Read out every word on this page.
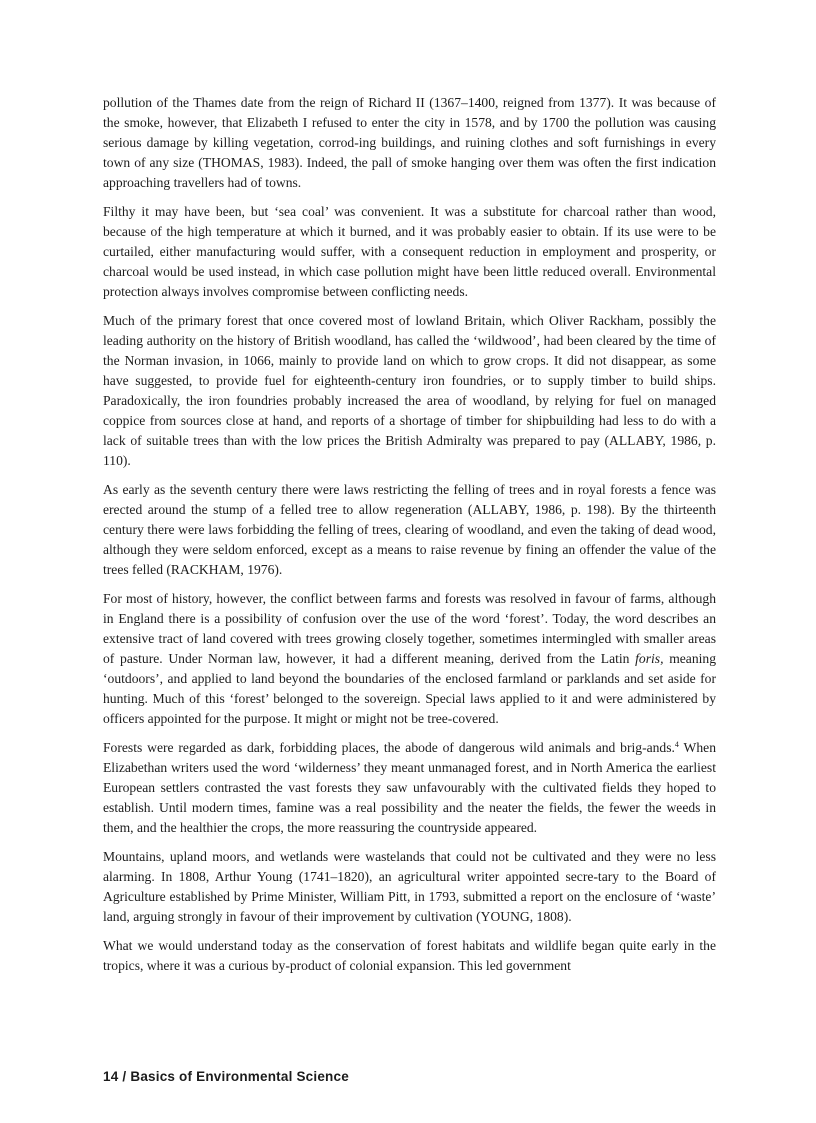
pollution of the Thames date from the reign of Richard II (1367–1400, reigned from 1377). It was because of the smoke, however, that Elizabeth I refused to enter the city in 1578, and by 1700 the pollution was causing serious damage by killing vegetation, corrod-ing buildings, and ruining clothes and soft furnishings in every town of any size (THOMAS, 1983). Indeed, the pall of smoke hanging over them was often the first indication approaching travellers had of towns.

Filthy it may have been, but ‘sea coal’ was convenient. It was a substitute for charcoal rather than wood, because of the high temperature at which it burned, and it was probably easier to obtain. If its use were to be curtailed, either manufacturing would suffer, with a consequent reduction in employment and prosperity, or charcoal would be used instead, in which case pollution might have been little reduced overall. Environmental protection always involves compromise between conflicting needs.

Much of the primary forest that once covered most of lowland Britain, which Oliver Rackham, possibly the leading authority on the history of British woodland, has called the ‘wildwood’, had been cleared by the time of the Norman invasion, in 1066, mainly to provide land on which to grow crops. It did not disappear, as some have suggested, to provide fuel for eighteenth-century iron foundries, or to supply timber to build ships. Paradoxically, the iron foundries probably increased the area of woodland, by relying for fuel on managed coppice from sources close at hand, and reports of a shortage of timber for shipbuilding had less to do with a lack of suitable trees than with the low prices the British Admiralty was prepared to pay (ALLABY, 1986, p. 110).

As early as the seventh century there were laws restricting the felling of trees and in royal forests a fence was erected around the stump of a felled tree to allow regeneration (ALLABY, 1986, p. 198). By the thirteenth century there were laws forbidding the felling of trees, clearing of woodland, and even the taking of dead wood, although they were seldom enforced, except as a means to raise revenue by fining an offender the value of the trees felled (RACKHAM, 1976).

For most of history, however, the conflict between farms and forests was resolved in favour of farms, although in England there is a possibility of confusion over the use of the word ‘forest’. Today, the word describes an extensive tract of land covered with trees growing closely together, sometimes intermingled with smaller areas of pasture. Under Norman law, however, it had a different meaning, derived from the Latin foris, meaning ‘outdoors’, and applied to land beyond the boundaries of the enclosed farmland or parklands and set aside for hunting. Much of this ‘forest’ belonged to the sovereign. Special laws applied to it and were administered by officers appointed for the purpose. It might or might not be tree-covered.

Forests were regarded as dark, forbidding places, the abode of dangerous wild animals and brig-ands.$^4$ When Elizabethan writers used the word ‘wilderness’ they meant unmanaged forest, and in North America the earliest European settlers contrasted the vast forests they saw unfavourably with the cultivated fields they hoped to establish. Until modern times, famine was a real possibility and the neater the fields, the fewer the weeds in them, and the healthier the crops, the more reassuring the countryside appeared.

Mountains, upland moors, and wetlands were wastelands that could not be cultivated and they were no less alarming. In 1808, Arthur Young (1741–1820), an agricultural writer appointed secre-tary to the Board of Agriculture established by Prime Minister, William Pitt, in 1793, submitted a report on the enclosure of ‘waste’ land, arguing strongly in favour of their improvement by cultivation (YOUNG, 1808).

What we would understand today as the conservation of forest habitats and wildlife began quite early in the tropics, where it was a curious by-product of colonial expansion. This led government

14 / Basics of Environmental Science
